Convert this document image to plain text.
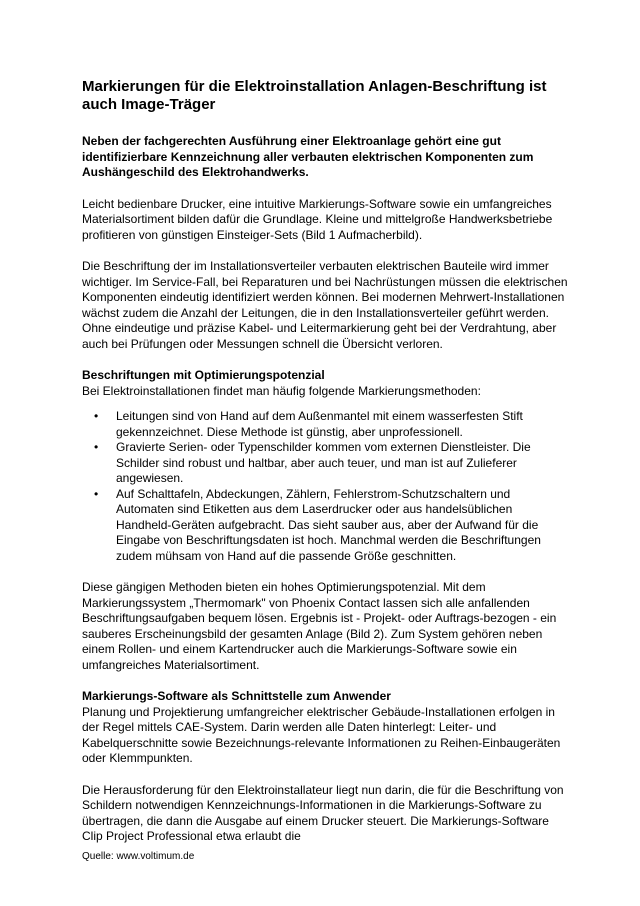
Markierungen für die Elektroinstallation Anlagen-Beschriftung ist auch Image-Träger

Neben der fachgerechten Ausführung einer Elektroanlage gehört eine gut identifizierbare Kennzeichnung aller verbauten elektrischen Komponenten zum Aushängeschild des Elektrohandwerks.

Leicht bedienbare Drucker, eine intuitive Markierungs-Software sowie ein umfangreiches Materialsortiment bilden dafür die Grundlage. Kleine und mittelgroße Handwerksbetriebe profitieren von günstigen Einsteiger-Sets (Bild 1 Aufmacherbild).

Die Beschriftung der im Installationsverteiler verbauten elektrischen Bauteile wird immer wichtiger. Im Service-Fall, bei Reparaturen und bei Nachrüstungen müssen die elektrischen Komponenten eindeutig identifiziert werden können. Bei modernen Mehrwert-Installationen wächst zudem die Anzahl der Leitungen, die in den Installationsverteiler geführt werden. Ohne eindeutige und präzise Kabel- und Leitermarkierung geht bei der Verdrahtung, aber auch bei Prüfungen oder Messungen schnell die Übersicht verloren.

Beschriftungen mit Optimierungspotenzial

Bei Elektroinstallationen findet man häufig folgende Markierungsmethoden:

• Leitungen sind von Hand auf dem Außenmantel mit einem wasserfesten Stift gekennzeichnet. Diese Methode ist günstig, aber unprofessionell.
• Gravierte Serien- oder Typenschilder kommen vom externen Dienstleister. Die Schilder sind robust und haltbar, aber auch teuer, und man ist auf Zulieferer angewiesen.
• Auf Schalttafeln, Abdeckungen, Zählern, Fehlerstrom-Schutzschaltern und Automaten sind Etiketten aus dem Laserdrucker oder aus handelsüblichen Handheld-Geräten aufgebracht. Das sieht sauber aus, aber der Aufwand für die Eingabe von Beschriftungsdaten ist hoch. Manchmal werden die Beschriftungen zudem mühsam von Hand auf die passende Größe geschnitten.

Diese gängigen Methoden bieten ein hohes Optimierungspotenzial. Mit dem Markierungssystem „Thermomark" von Phoenix Contact lassen sich alle anfallenden Beschriftungsaufgaben bequem lösen. Ergebnis ist - Projekt- oder Auftrags-bezogen - ein sauberes Erscheinungsbild der gesamten Anlage (Bild 2). Zum System gehören neben einem Rollen- und einem Kartendrucker auch die Markierungs-Software sowie ein umfangreiches Materialsortiment.

Markierungs-Software als Schnittstelle zum Anwender

Planung und Projektierung umfangreicher elektrischer Gebäude-Installationen erfolgen in der Regel mittels CAE-System. Darin werden alle Daten hinterlegt: Leiter- und Kabelquerschnitte sowie Bezeichnungs-relevante Informationen zu Reihen-Einbaugeräten oder Klemmpunkten.

Die Herausforderung für den Elektroinstallateur liegt nun darin, die für die Beschriftung von Schildern notwendigen Kennzeichnungs-Informationen in die Markierungs-Software zu übertragen, die dann die Ausgabe auf einem Drucker steuert. Die Markierungs-Software Clip Project Professional etwa erlaubt die

Quelle: www.voltimum.de
